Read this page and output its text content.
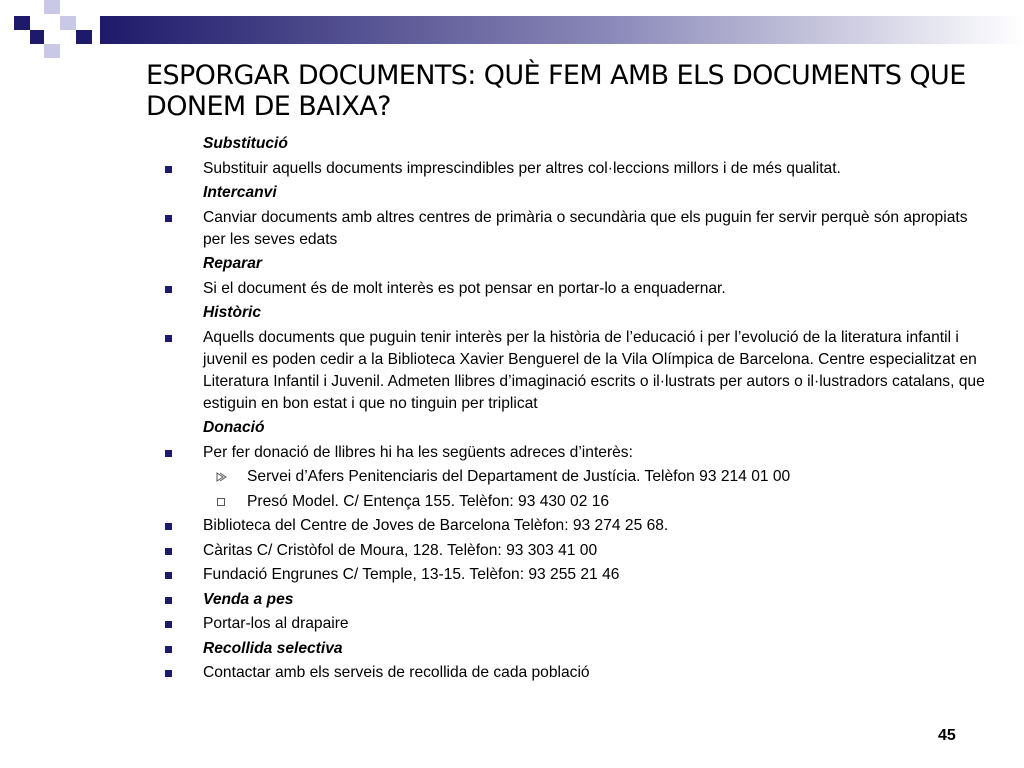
ESPORGAR DOCUMENTS: QUÈ FEM AMB ELS DOCUMENTS QUE DONEM DE BAIXA?
Substitució
Substituir aquells documents imprescindibles per altres col·leccions millors i de més qualitat.
Intercanvi
Canviar documents amb altres centres de primària o secundària que els puguin fer servir perquè són apropiats per les seves edats
Reparar
Si el document és de molt interès es pot pensar en portar-lo a enquadernar.
Històric
Aquells documents que puguin tenir interès per la història de l’educació i per l’evolució de la literatura infantil i juvenil es poden cedir a la Biblioteca Xavier Benguerel de la Vila Olímpica de Barcelona. Centre especialitzat en Literatura Infantil i Juvenil. Admeten llibres d’imaginació escrits o il·lustrats per autors o il·lustradors catalans, que estiguin en bon estat i que no tinguin per triplicat
Donació
Per fer donació de llibres hi ha les següents adreces d’interès:
Servei d’Afers Penitenciaris del Departament de Justícia. Telèfon 93 214 01 00
Presó Model. C/ Entença 155. Telèfon: 93 430 02 16
Biblioteca del Centre de Joves de Barcelona Telèfon: 93 274 25 68.
Càritas C/ Cristòfol de Moura, 128. Telèfon: 93 303 41 00
Fundació Engrunes C/ Temple, 13-15. Telèfon: 93 255 21 46
Venda a pes
Portar-los al drapaire
Recollida selectiva
Contactar amb els serveis de recollida de cada població
45
